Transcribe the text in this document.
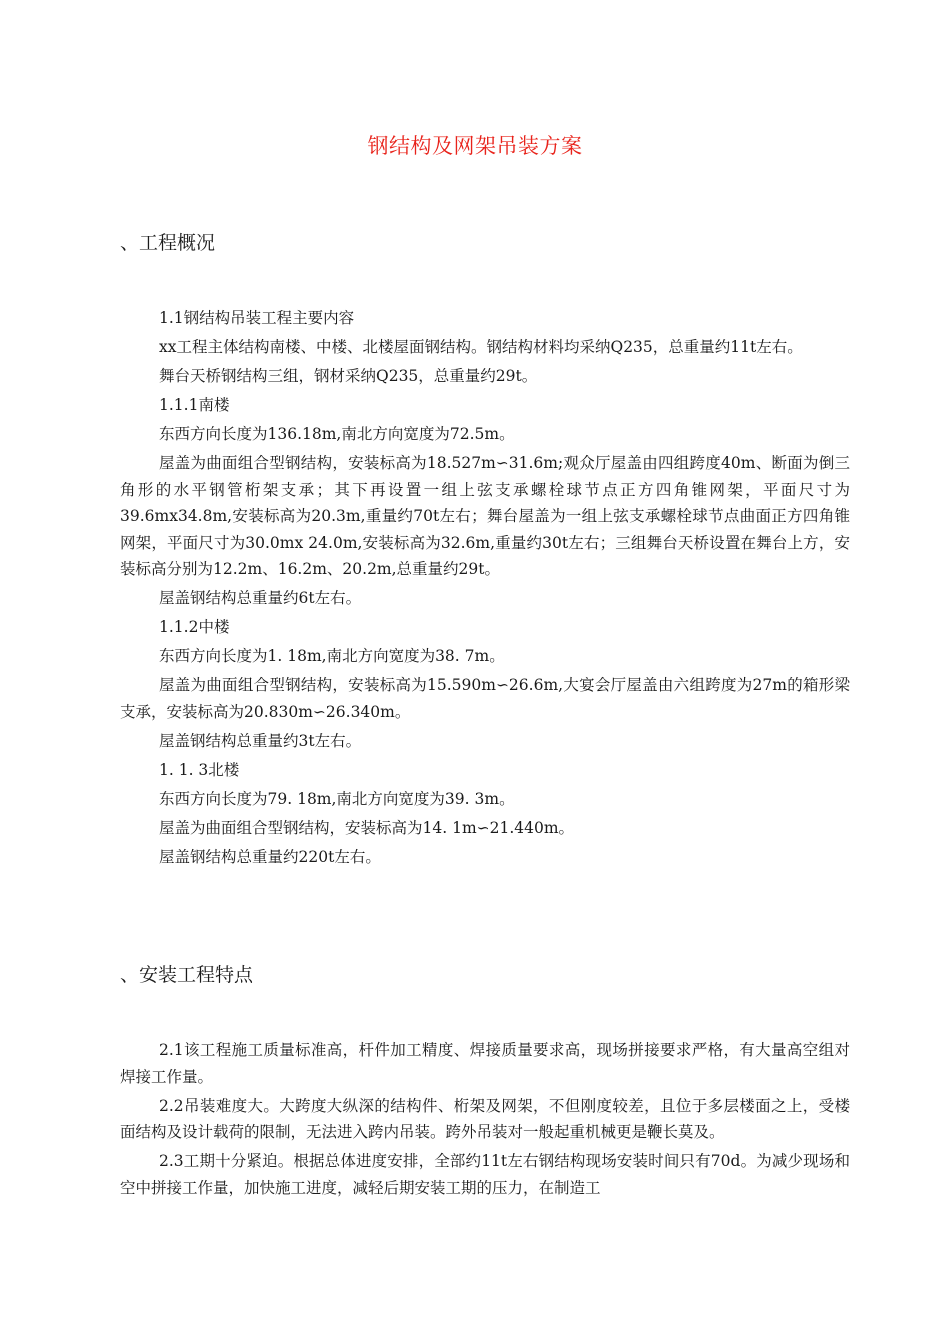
钢结构及网架吊装方案
、工程概况

1.1钢结构吊装工程主要内容

xx工程主体结构南楼、中楼、北楼屋面钢结构。钢结构材料均采纳Q235，总重量约11t左右。

舞台天桥钢结构三组，钢材采纳Q235，总重量约29t。

1.1.1南楼

东西方向长度为136.18m,南北方向宽度为72.5m。

屋盖为曲面组合型钢结构，安装标高为18.527m∽31.6m;观众厅屋盖由四组跨度40m、断面为倒三角形的水平钢管桁架支承；其下再设置一组上弦支承螺栓球节点正方四角锥网架，平面尺寸为39.6mx34.8m,安装标高为20.3m,重量约70t左右；舞台屋盖为一组上弦支承螺栓球节点曲面正方四角锥网架，平面尺寸为30.0mx 24.0m,安装标高为32.6m,重量约30t左右；三组舞台天桥设置在舞台上方，安装标高分别为12.2m、16.2m、20.2m,总重量约29t。

屋盖钢结构总重量约6t左右。

1.1.2中楼

东西方向长度为1. 18m,南北方向宽度为38. 7m。

屋盖为曲面组合型钢结构，安装标高为15.590m∽26.6m,大宴会厅屋盖由六组跨度为27m的箱形梁支承，安装标高为20.830m∽26.340m。

屋盖钢结构总重量约3t左右。

1. 1. 3北楼

东西方向长度为79. 18m,南北方向宽度为39. 3m。

屋盖为曲面组合型钢结构，安装标高为14. 1m∽21.440m。

屋盖钢结构总重量约220t左右。

、安装工程特点

2.1该工程施工质量标准高，杆件加工精度、焊接质量要求高，现场拼接要求严格，有大量高空组对焊接工作量。

2.2吊装难度大。大跨度大纵深的结构件、桁架及网架，不但刚度较差，且位于多层楼面之上，受楼面结构及设计载荷的限制，无法进入跨内吊装。跨外吊装对一般起重机械更是鞭长莫及。

2.3工期十分紧迫。根据总体进度安排，全部约11t左右钢结构现场安装时间只有70d。为减少现场和空中拼接工作量，加快施工进度，减轻后期安装工期的压力，在制造工
